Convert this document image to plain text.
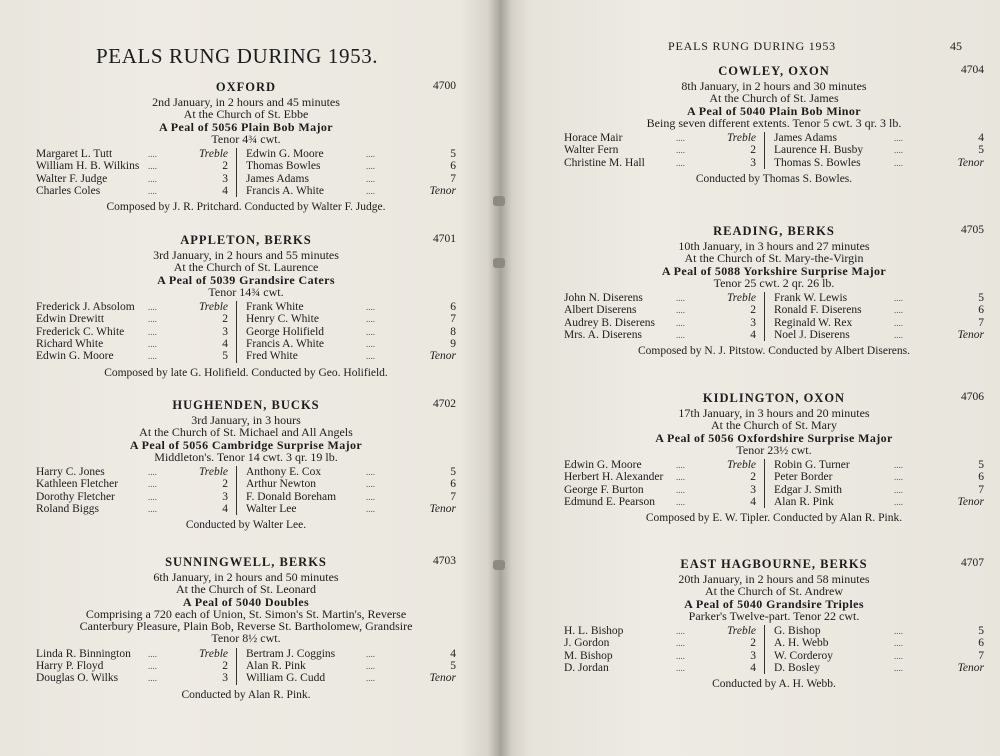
PEALS RUNG DURING 1953.
OXFORD	4700
2nd January, in 2 hours and 45 minutes
At the Church of St. Ebbe
A Peal of 5056 Plain Bob Major
Tenor 4¾ cwt.
Margaret L. Tutt	....	Treble Edwin G. Moore	....	5
William H. B. Wilkins ....	2 Thomas Bowles	....	6
Walter F. Judge	....	3 James Adams	....	7
Charles Coles	....	4 Francis A. White	....	Tenor
Composed by J. R. Pritchard. Conducted by Walter F. Judge.
APPLETON, BERKS	4701
3rd January, in 2 hours and 55 minutes
At the Church of St. Laurence
A Peal of 5039 Grandsire Caters
Tenor 14¾ cwt.
Frederick J. Absolom ....	Treble Frank White	....	6
Edwin Drewitt	....	2 Henry C. White	....	7
Frederick C. White	....	3 George Holifield	....	8
Richard White	....	4 Francis A. White	....	9
Edwin G. Moore	....	5 Fred White	....	Tenor
Composed by late G. Holifield. Conducted by Geo. Holifield.
HUGHENDEN, BUCKS	4702
3rd January, in 3 hours
At the Church of St. Michael and All Angels
A Peal of 5056 Cambridge Surprise Major
Middleton's. Tenor 14 cwt. 3 qr. 19 lb.
Harry C. Jones	....	Treble Anthony E. Cox	....	5
Kathleen Fletcher	....	2 Arthur Newton	....	6
Dorothy Fletcher	....	3 F. Donald Boreham	....	7
Roland Biggs	....	4 Walter Lee	....	Tenor
Conducted by Walter Lee.
SUNNINGWELL, BERKS	4703
6th January, in 2 hours and 50 minutes
At the Church of St. Leonard
A Peal of 5040 Doubles
Comprising a 720 each of Union, St. Simon's St. Martin's, Reverse
Canterbury Pleasure, Plain Bob, Reverse St. Bartholomew, Grandsire
Tenor 8½ cwt.
Linda R. Binnington ....	Treble Bertram J. Coggins	....	4
Harry P. Floyd	....	2 Alan R. Pink	....	5
Douglas O. Wilks	....	3 William G. Cudd	....	Tenor
Conducted by Alan R. Pink.
PEALS RUNG DURING 1953	45
COWLEY, OXON	4704
8th January, in 2 hours and 30 minutes
At the Church of St. James
A Peal of 5040 Plain Bob Minor
Being seven different extents. Tenor 5 cwt. 3 qr. 3 lb.
Horace Mair	....	Treble James Adams	....	4
Walter Fern	....	2 Laurence H. Busby	....	5
Christine M. Hall	....	3 Thomas S. Bowles	....	Tenor
Conducted by Thomas S. Bowles.
READING, BERKS	4705
10th January, in 3 hours and 27 minutes
At the Church of St. Mary-the-Virgin
A Peal of 5088 Yorkshire Surprise Major
Tenor 25 cwt. 2 qr. 26 lb.
John N. Diserens	....	Treble Frank W. Lewis	....	5
Albert Diserens	....	2 Ronald F. Diserens	....	6
Audrey B. Diserens ....	3 Reginald W. Rex	....	7
Mrs. A. Diserens	....	4 Noel J. Diserens	....	Tenor
Composed by N. J. Pitstow. Conducted by Albert Diserens.
KIDLINGTON, OXON	4706
17th January, in 3 hours and 20 minutes
At the Church of St. Mary
A Peal of 5056 Oxfordshire Surprise Major
Tenor 23½ cwt.
Edwin G. Moore	....	Treble Robin G. Turner	....	5
Herbert H. Alexander ....	2 Peter Border	....	6
George F. Burton	....	3 Edgar J. Smith	....	7
Edmund E. Pearson ....	4 Alan R. Pink	....	Tenor
Composed by E. W. Tipler. Conducted by Alan R. Pink.
EAST HAGBOURNE, BERKS	4707
20th January, in 2 hours and 58 minutes
At the Church of St. Andrew
A Peal of 5040 Grandsire Triples
Parker's Twelve-part. Tenor 22 cwt.
H. L. Bishop	....	Treble G. Bishop	....	5
J. Gordon	....	2 A. H. Webb	....	6
M. Bishop	....	3 W. Corderoy	....	7
D. Jordan	....	4 D. Bosley	....	Tenor
Conducted by A. H. Webb.
